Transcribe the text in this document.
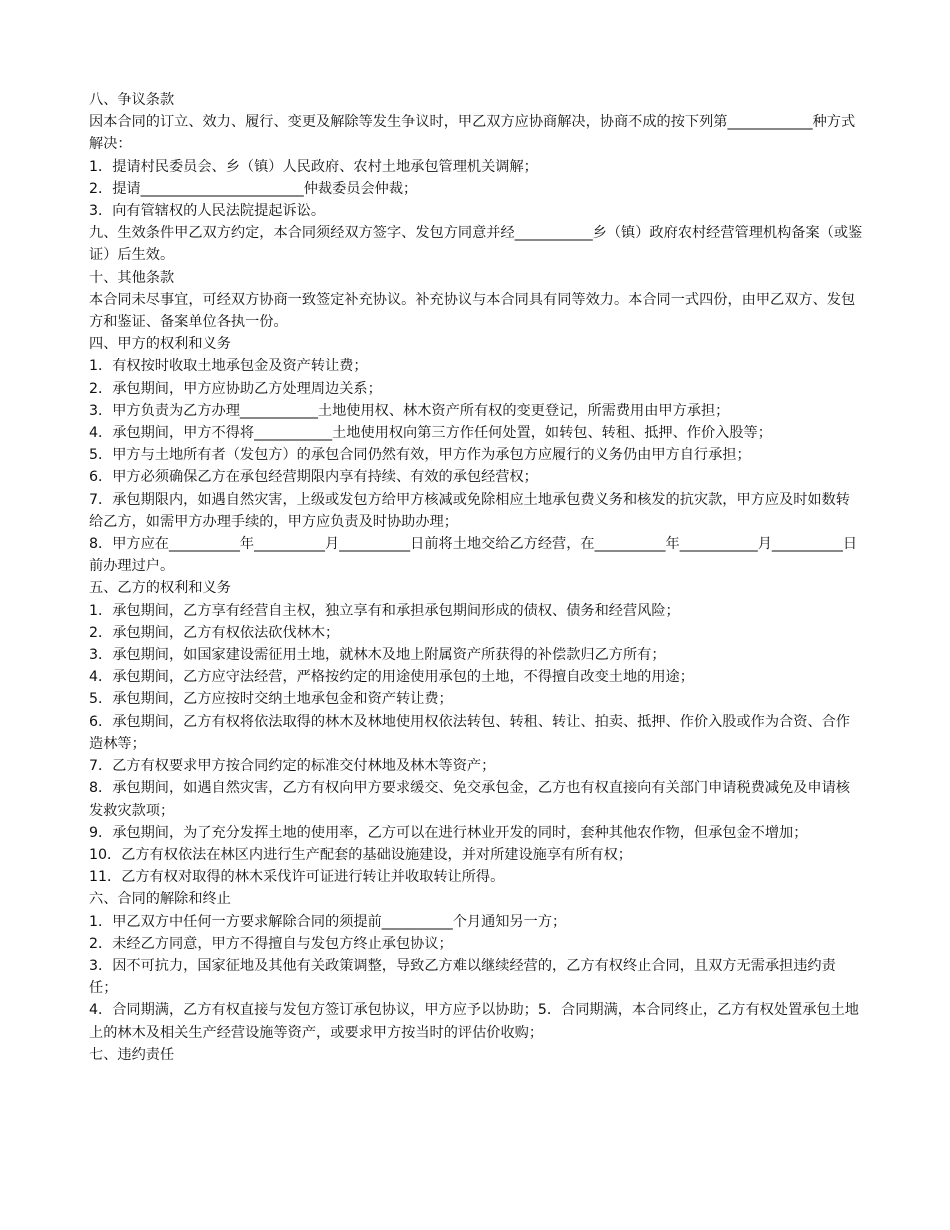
八、争议条款

因本合同的订立、效力、履行、变更及解除等发生争议时，甲乙双方应协商解决，协商不成的按下列第____________种方式解决：

1．提请村民委员会、乡（镇）人民政府、农村土地承包管理机关调解；

2．提请_______________________仲裁委员会仲裁；

3．向有管辖权的人民法院提起诉讼。

九、生效条件甲乙双方约定，本合同须经双方签字、发包方同意并经___________乡（镇）政府农村经营管理机构备案（或鉴证）后生效。

十、其他条款

本合同未尽事宜，可经双方协商一致签定补充协议。补充协议与本合同具有同等效力。本合同一式四份，由甲乙双方、发包方和鉴证、备案单位各执一份。

四、甲方的权利和义务

1．有权按时收取土地承包金及资产转让费；

2．承包期间，甲方应协助乙方处理周边关系；

3．甲方负责为乙方办理___________土地使用权、林木资产所有权的变更登记，所需费用由甲方承担；

4．承包期间，甲方不得将___________土地使用权向第三方作任何处置，如转包、转租、抵押、作价入股等；

5．甲方与土地所有者（发包方）的承包合同仍然有效，甲方作为承包方应履行的义务仍由甲方自行承担；

6．甲方必须确保乙方在承包经营期限内享有持续、有效的承包经营权；

7．承包期限内，如遇自然灾害，上级或发包方给甲方核减或免除相应土地承包费义务和核发的抗灾款，甲方应及时如数转给乙方，如需甲方办理手续的，甲方应负责及时协助办理；

8．甲方应在__________年__________月__________日前将土地交给乙方经营，在__________年___________月__________日前办理过户。

五、乙方的权利和义务

1．承包期间，乙方享有经营自主权，独立享有和承担承包期间形成的债权、债务和经营风险；

2．承包期间，乙方有权依法砍伐林木；

3．承包期间，如国家建设需征用土地，就林木及地上附属资产所获得的补偿款归乙方所有；

4．承包期间，乙方应守法经营，严格按约定的用途使用承包的土地，不得擅自改变土地的用途；

5．承包期间，乙方应按时交纳土地承包金和资产转让费；

6．承包期间，乙方有权将依法取得的林木及林地使用权依法转包、转租、转让、拍卖、抵押、作价入股或作为合资、合作造林等；

7．乙方有权要求甲方按合同约定的标准交付林地及林木等资产；

8．承包期间，如遇自然灾害，乙方有权向甲方要求缓交、免交承包金，乙方也有权直接向有关部门申请税费减免及申请核发救灾款项；

9．承包期间，为了充分发挥土地的使用率，乙方可以在进行林业开发的同时，套种其他农作物，但承包金不增加；

10．乙方有权依法在林区内进行生产配套的基础设施建设，并对所建设施享有所有权；

11．乙方有权对取得的林木采伐许可证进行转让并收取转让所得。

六、合同的解除和终止

1．甲乙双方中任何一方要求解除合同的须提前__________个月通知另一方；

2．未经乙方同意，甲方不得擅自与发包方终止承包协议；

3．因不可抗力，国家征地及其他有关政策调整，导致乙方难以继续经营的，乙方有权终止合同，且双方无需承担违约责任；

4．合同期满，乙方有权直接与发包方签订承包协议，甲方应予以协助；5．合同期满，本合同终止，乙方有权处置承包土地上的林木及相关生产经营设施等资产，或要求甲方按当时的评估价收购；

七、违约责任
